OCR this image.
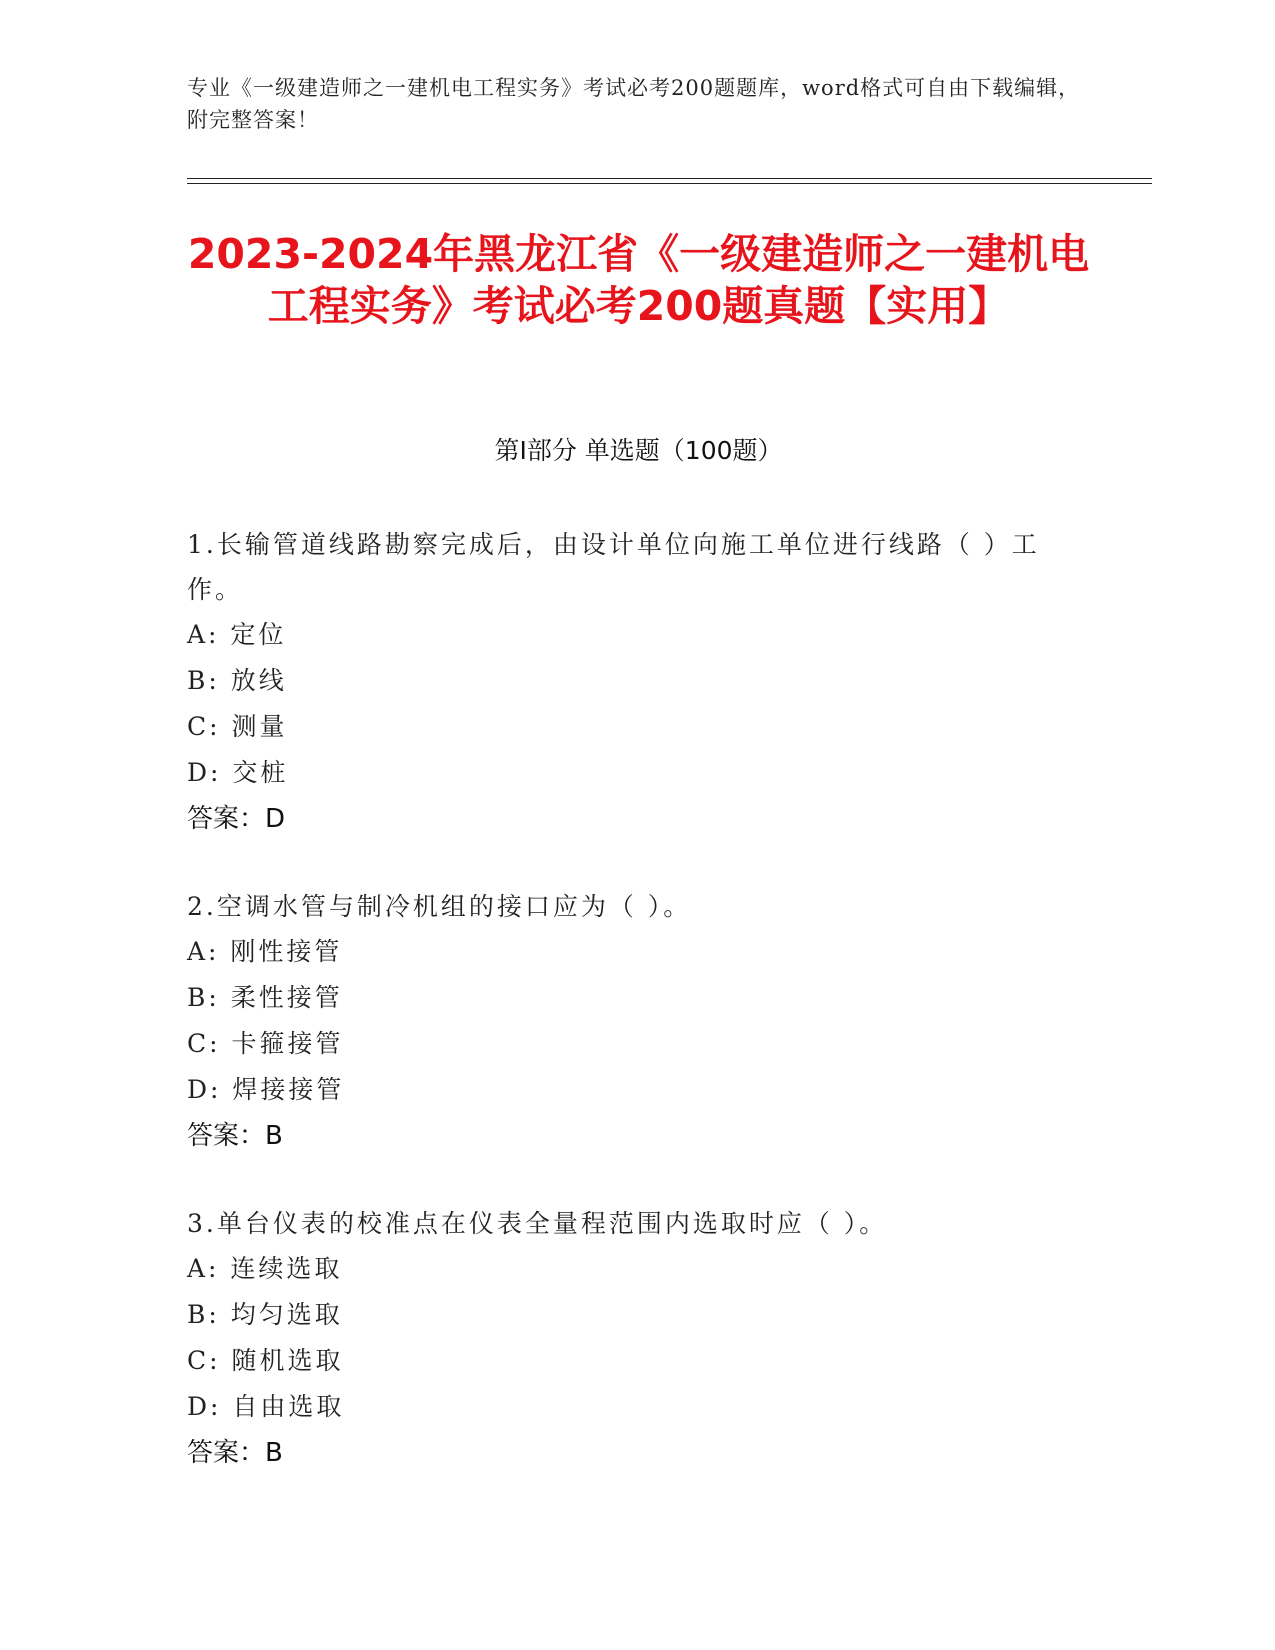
专业《一级建造师之一建机电工程实务》考试必考200题题库，word格式可自由下载编辑，附完整答案！
2023-2024年黑龙江省《一级建造师之一建机电工程实务》考试必考200题真题【实用】
第Ⅰ部分 单选题（100题）
1.长输管道线路勘察完成后，由设计单位向施工单位进行线路（ ）工作。
A: 定位
B: 放线
C: 测量
D: 交桩
答案：D
2.空调水管与制冷机组的接口应为（ ）。
A: 刚性接管
B: 柔性接管
C: 卡箍接管
D: 焊接接管
答案：B
3.单台仪表的校准点在仪表全量程范围内选取时应（ ）。
A: 连续选取
B: 均匀选取
C: 随机选取
D: 自由选取
答案：B
